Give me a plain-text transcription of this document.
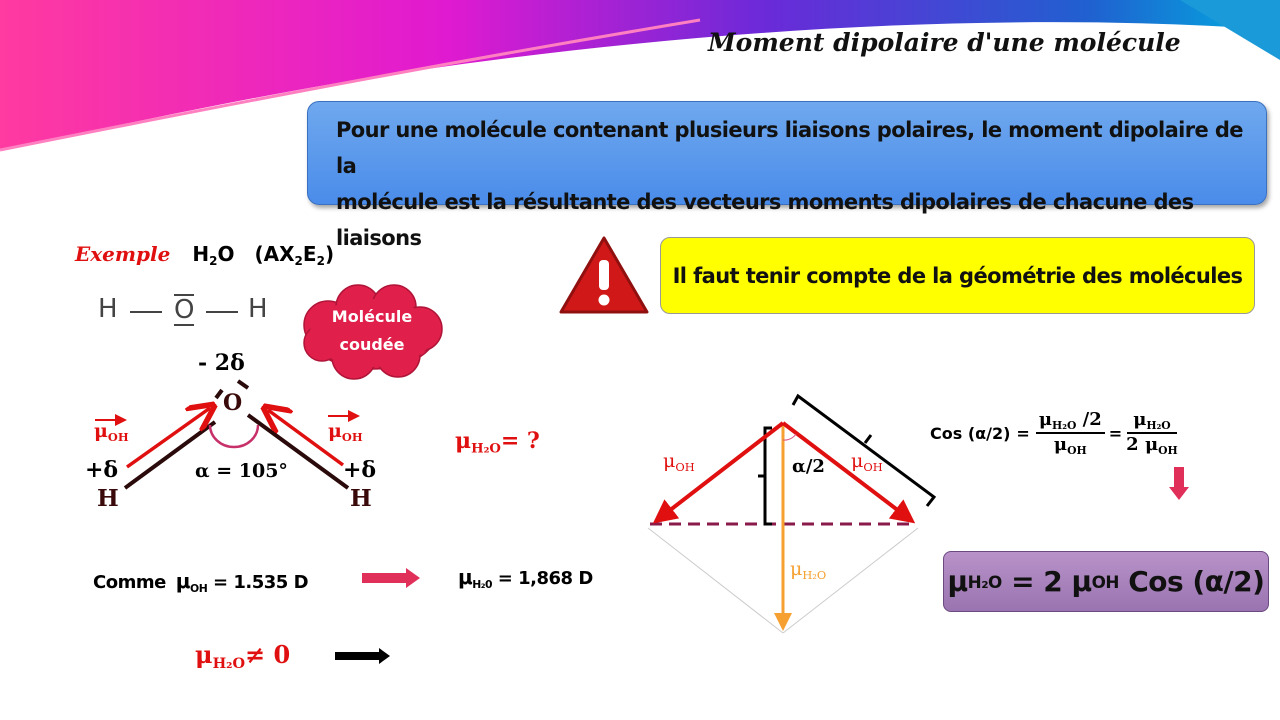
Moment dipolaire d'une molécule
Pour une molécule contenant plusieurs liaisons polaires, le moment dipolaire de la
molécule est la résultante des vecteurs moments dipolaires de chacune des liaisons
Exemple $H_2O$ $(AX_2E_2)$
H O H	Molécule
coudée
- 2δ
O
$\mu_{OH}$	$\mu_{OH}$
+δ	+δ
H	H
α = 105°
$\mu_{H_2O}=$ ?
Il faut tenir compte de la géométrie des molécules
Comme $\mu_{OH} = 1.535$ D	$\mu_{H_20} = 1,868$ D
$\mu_{H_2O}\ne 0$
$\mu_{OH}$	$\mu_{OH}$
α/2
$\mu_{H_2O}$
Cos (α/2) =
$\mu_{H_2O}$ /2
$\mu_{OH}$
=
$\mu_{H_2O}$
2 $\mu_{OH}$
μ H₂O
= 2 μ OH
Cos (α/2)
